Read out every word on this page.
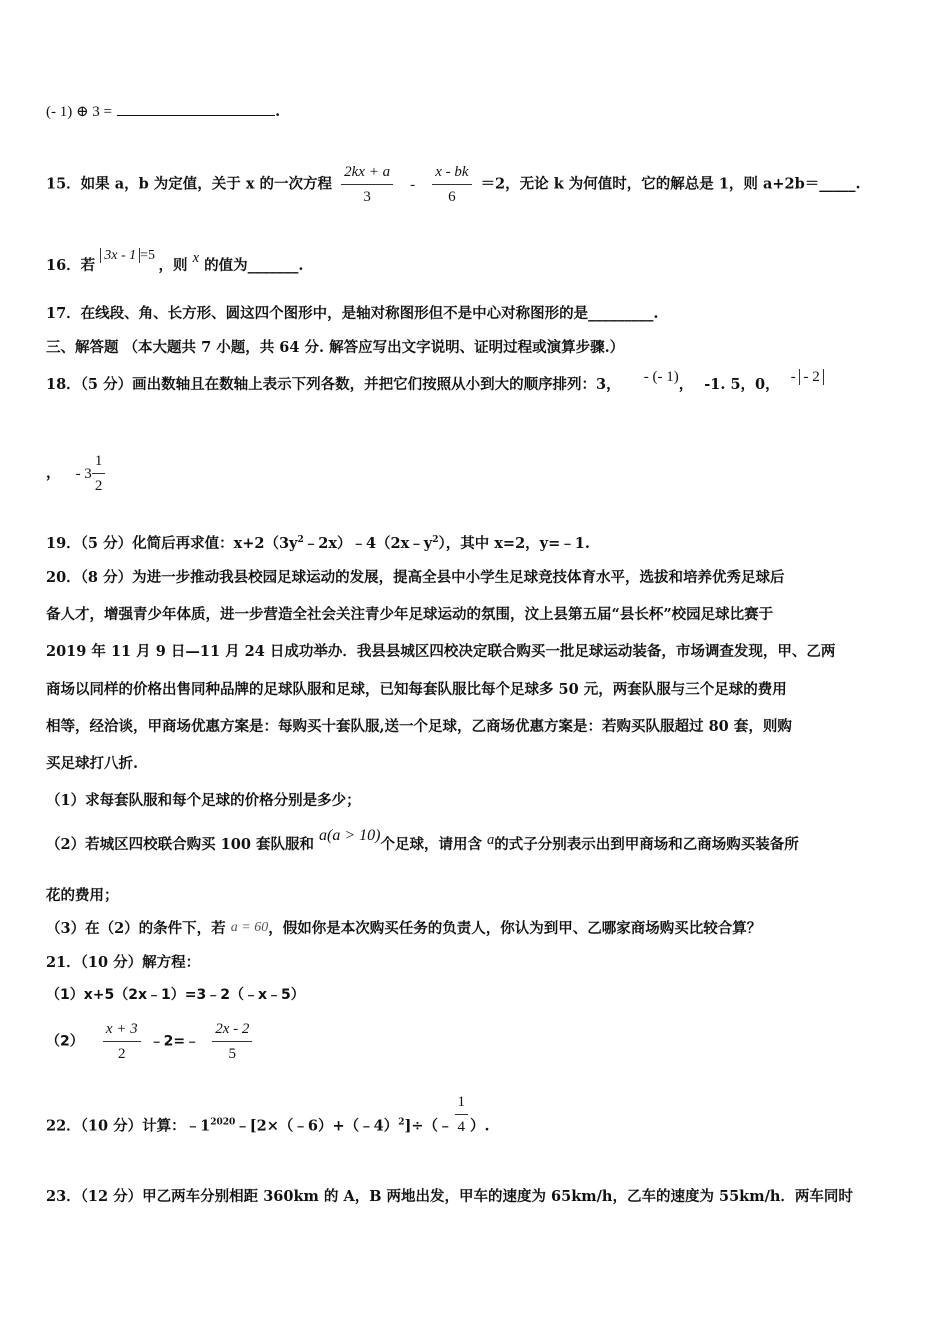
(- 1) ⊕ 3 =	.
15．如果 a，b 为定值，关于 x 的一次方程 $\frac{2kx + a}{3} - \frac{x - bk}{6} =2$，无论 k 为何值时，它的解总是 1，则 a+2b＝_____.
16．若 3x - 1 =5 ，则 x 的值为_______.
17．在线段、角、长方形、圆这四个图形中，是轴对称图形但不是中心对称图形的是_________.
三、解答题 （本大题共 7 小题，共 64 分. 解答应写出文字说明、证明过程或演算步骤.）
18．（5 分）画出数轴且在数轴上表示下列各数，并把它们按照从小到大的顺序排列：3， - (- 1)， -1. 5，0， - - 2
， - $3 \frac{1}{2}$
19．（5 分）化简后再求值：$x+2(3y^2﹣2x)﹣4(2x﹣y^2)$，其中 x=2，y=﹣1.
20．（8 分）为进一步推动我县校园足球运动的发展，提高全县中小学生足球竞技体育水平，选拔和培养优秀足球后
备人才，增强青少年体质，进一步营造全社会关注青少年足球运动的氛围，汶上县第五届“县长杯”校园足球比赛于
2019 年 11 月 9 日—11 月 24 日成功举办．我县县城区四校决定联合购买一批足球运动装备，市场调查发现，甲、乙两
商场以同样的价格出售同种品牌的足球队服和足球，已知每套队服比每个足球多 50 元，两套队服与三个足球的费用
相等，经洽谈，甲商场优惠方案是：每购买十套队服,送一个足球，乙商场优惠方案是：若购买队服超过 80 套，则购
买足球打八折.
（1）求每套队服和每个足球的价格分别是多少；
（2）若城区四校联合购买 100 套队服和 a(a > 10)个足球，请用含 a的式子分别表示出到甲商场和乙商场购买装备所
花的费用；
（3）在（2）的条件下，若 a = 60，假如你是本次购买任务的负责人，你认为到甲、乙哪家商场购买比较合算？
21．（10 分）解方程：
（1）x+5（2x﹣1）=3﹣2（﹣x﹣5）
$(2) \frac{x + 3}{2}$ ﹣2=﹣ $\frac{2x - 2}{5}$
22．（10 分）计算：$﹣1^{2020}﹣[2\times(﹣6)+(﹣4)^2]\div(﹣ \frac{1}{4}$ ）.
23．（12 分）甲乙两车分别相距 360km 的 A，B 两地出发，甲车的速度为 65km/h，乙车的速度为 55km/h．两车同时
